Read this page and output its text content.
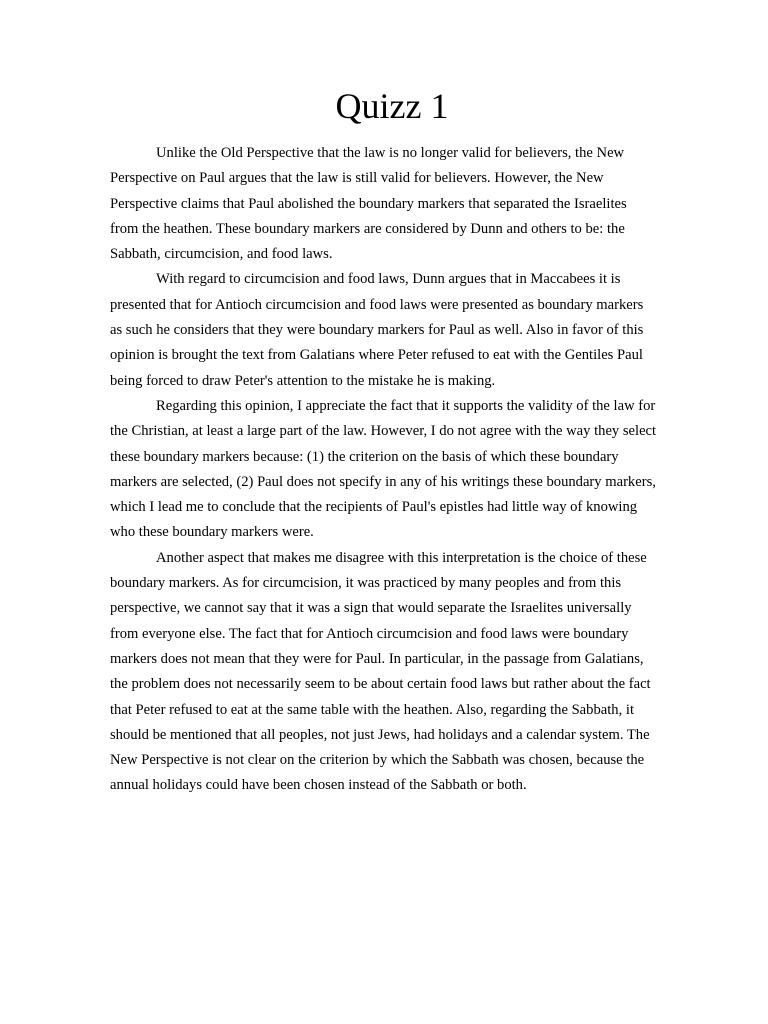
Quizz 1

Unlike the Old Perspective that the law is no longer valid for believers, the New Perspective on Paul argues that the law is still valid for believers. However, the New Perspective claims that Paul abolished the boundary markers that separated the Israelites from the heathen. These boundary markers are considered by Dunn and others to be: the Sabbath, circumcision, and food laws.

With regard to circumcision and food laws, Dunn argues that in Maccabees it is presented that for Antioch circumcision and food laws were presented as boundary markers as such he considers that they were boundary markers for Paul as well. Also in favor of this opinion is brought the text from Galatians where Peter refused to eat with the Gentiles Paul being forced to draw Peter's attention to the mistake he is making.

Regarding this opinion, I appreciate the fact that it supports the validity of the law for the Christian, at least a large part of the law. However, I do not agree with the way they select these boundary markers because: (1) the criterion on the basis of which these boundary markers are selected, (2) Paul does not specify in any of his writings these boundary markers, which I lead me to conclude that the recipients of Paul's epistles had little way of knowing who these boundary markers were.

Another aspect that makes me disagree with this interpretation is the choice of these boundary markers. As for circumcision, it was practiced by many peoples and from this perspective, we cannot say that it was a sign that would separate the Israelites universally from everyone else. The fact that for Antioch circumcision and food laws were boundary markers does not mean that they were for Paul. In particular, in the passage from Galatians, the problem does not necessarily seem to be about certain food laws but rather about the fact that Peter refused to eat at the same table with the heathen. Also, regarding the Sabbath, it should be mentioned that all peoples, not just Jews, had holidays and a calendar system. The New Perspective is not clear on the criterion by which the Sabbath was chosen, because the annual holidays could have been chosen instead of the Sabbath or both.
